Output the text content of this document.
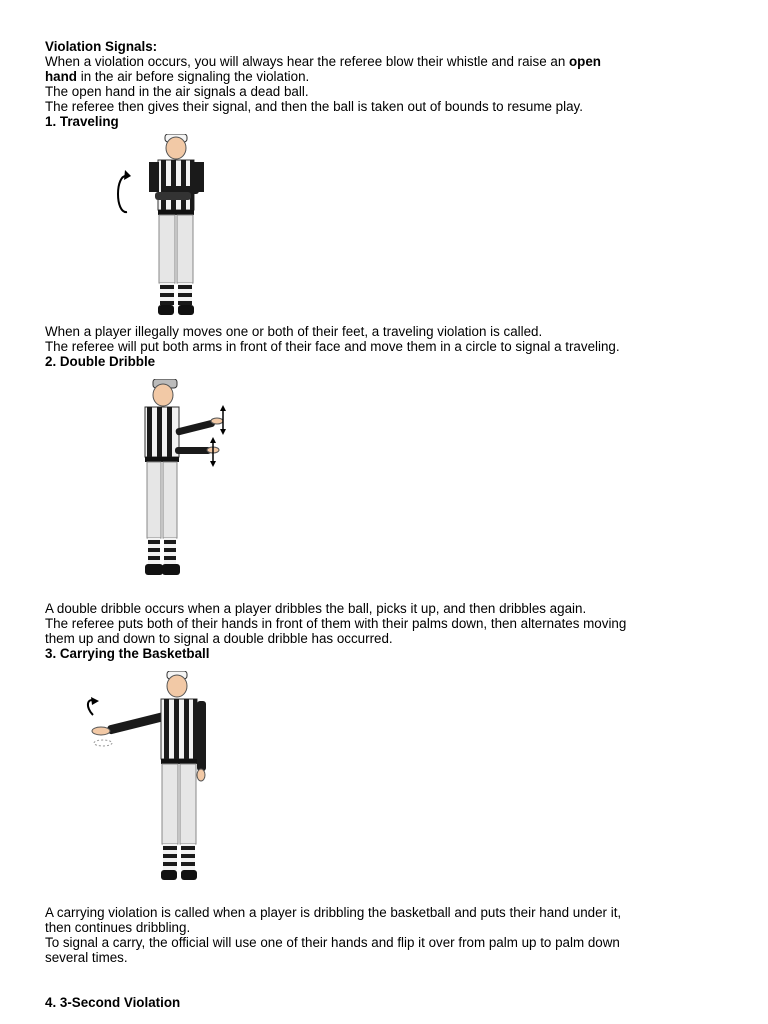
Violation Signals:
When a violation occurs, you will always hear the referee blow their whistle and raise an open
hand in the air before signaling the violation.
The open hand in the air signals a dead ball.
The referee then gives their signal, and then the ball is taken out of bounds to resume play.
1. Traveling
When a player illegally moves one or both of their feet, a traveling violation is called.
The referee will put both arms in front of their face and move them in a circle to signal a traveling.
2. Double Dribble
A double dribble occurs when a player dribbles the ball, picks it up, and then dribbles again.
The referee puts both of their hands in front of them with their palms down, then alternates moving
them up and down to signal a double dribble has occurred.
3. Carrying the Basketball
A carrying violation is called when a player is dribbling the basketball and puts their hand under it,
then continues dribbling.
To signal a carry, the official will use one of their hands and flip it over from palm up to palm down
several times.
4. 3-Second Violation
